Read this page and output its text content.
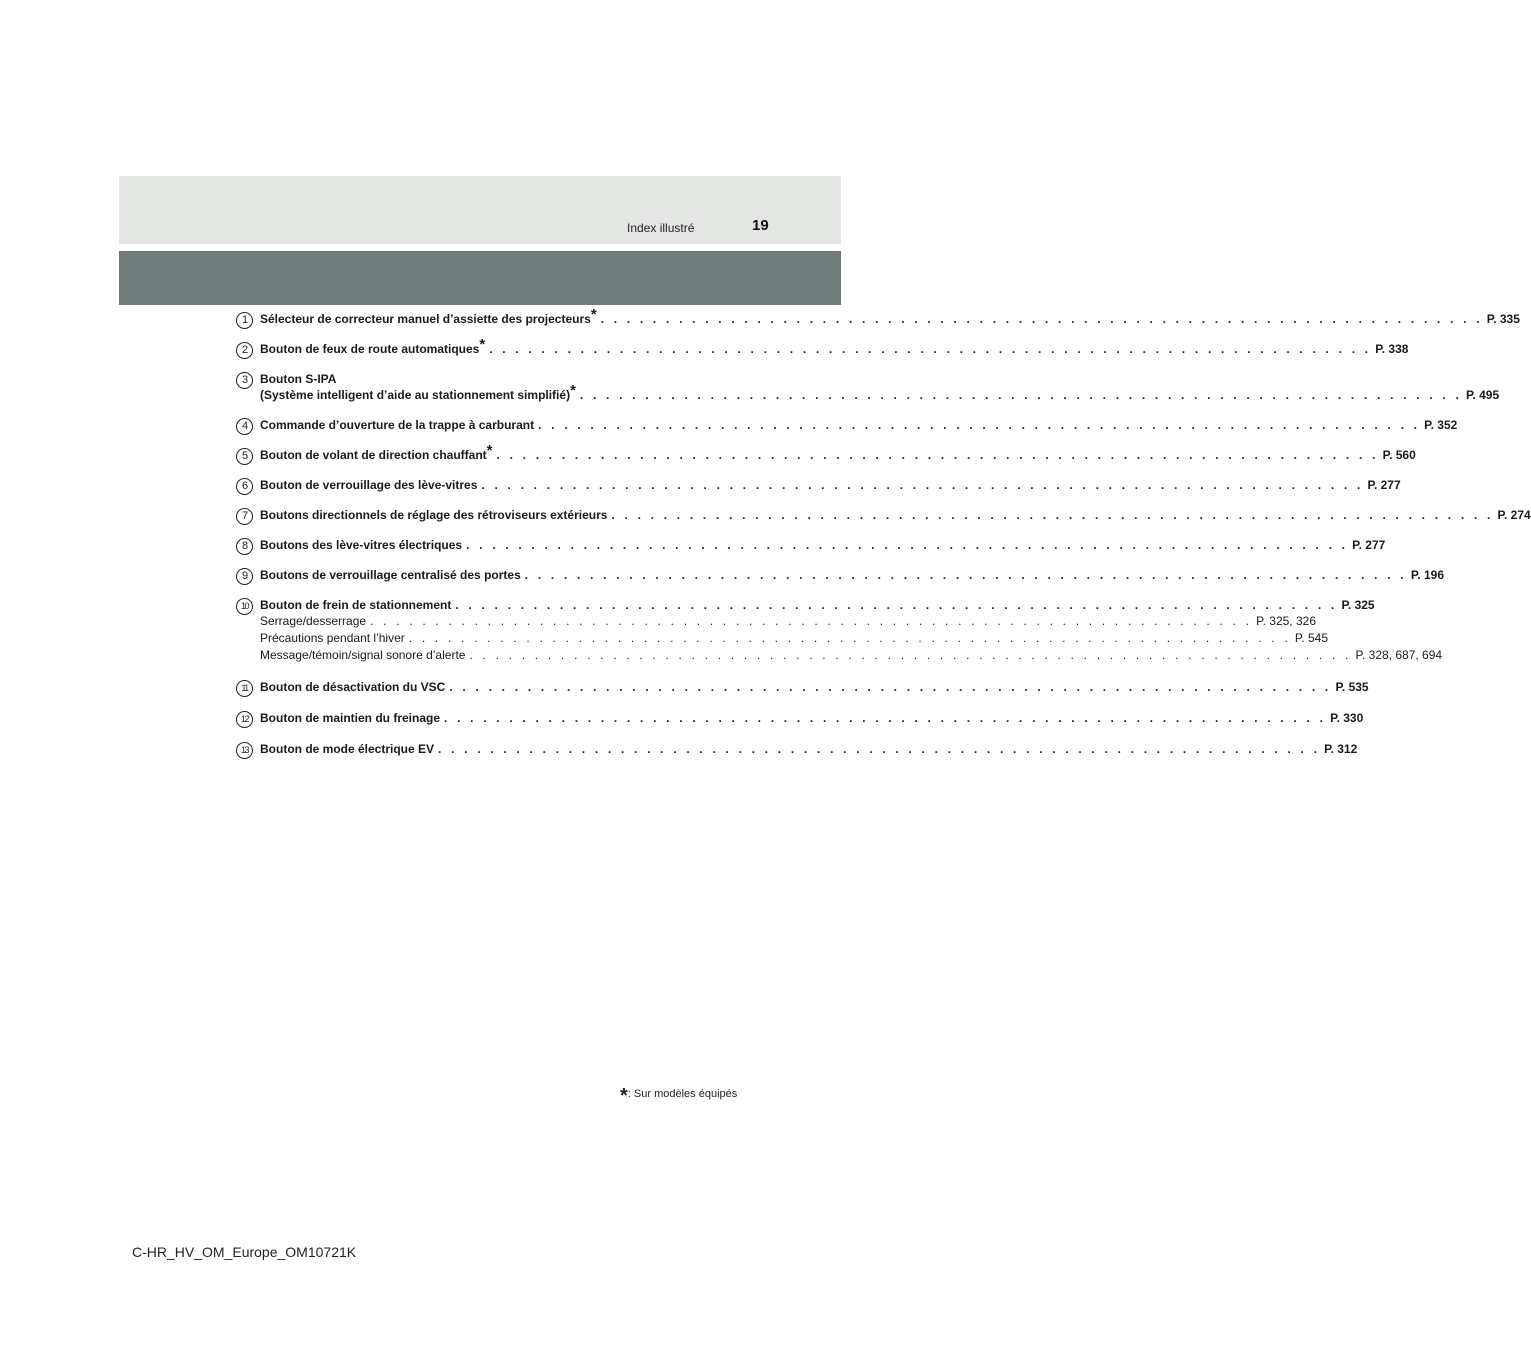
Index illustré	19
1	Sélecteur de correcteur manuel d’assiette des projecteurs* . . . . . . . . . . . . . . . . . . . . . . . . . . . . . . . . . . . . . . . . . . . . . . . . . . . . . . . . . . . . . . . . . . . . P. 335
2	Bouton de feux de route automatiques* . . . . . . . . . . . . . . . . . . . . . . . . . . . . . . . . . . . . . . . . . . . . . . . . . . . . . . . . . . . . . . . . . . . . P. 338
3	Bouton S-IPA
(Système intelligent d’aide au stationnement simplifié)* . . . . . . . . . . . . . . . . . . . . . . . . . . . . . . . . . . . . . . . . . . . . . . . . . . . . . . . . . . . . . . . . . . . . P. 495
4	Commande d’ouverture de la trappe à carburant . . . . . . . . . . . . . . . . . . . . . . . . . . . . . . . . . . . . . . . . . . . . . . . . . . . . . . . . . . . . . . . . . . . . P. 352
5	Bouton de volant de direction chauffant* . . . . . . . . . . . . . . . . . . . . . . . . . . . . . . . . . . . . . . . . . . . . . . . . . . . . . . . . . . . . . . . . . . . . P. 560
6	Bouton de verrouillage des lève-vitres . . . . . . . . . . . . . . . . . . . . . . . . . . . . . . . . . . . . . . . . . . . . . . . . . . . . . . . . . . . . . . . . . . . . P. 277
7	Boutons directionnels de réglage des rétroviseurs extérieurs . . . . . . . . . . . . . . . . . . . . . . . . . . . . . . . . . . . . . . . . . . . . . . . . . . . . . . . . . . . . . . . . . . . . P. 274
8	Boutons des lève-vitres électriques . . . . . . . . . . . . . . . . . . . . . . . . . . . . . . . . . . . . . . . . . . . . . . . . . . . . . . . . . . . . . . . . . . . . P. 277
9	Boutons de verrouillage centralisé des portes . . . . . . . . . . . . . . . . . . . . . . . . . . . . . . . . . . . . . . . . . . . . . . . . . . . . . . . . . . . . . . . . . . . . P. 196
10	Bouton de frein de stationnement . . . . . . . . . . . . . . . . . . . . . . . . . . . . . . . . . . . . . . . . . . . . . . . . . . . . . . . . . . . . . . . . . . . . P. 325
Serrage/desserrage . . . . . . . . . . . . . . . . . . . . . . . . . . . . . . . . . . . . . . . . . . . . . . . . . . . . . . . . . . . . . . . . . . . . P. 325, 326
Précautions pendant l’hiver . . . . . . . . . . . . . . . . . . . . . . . . . . . . . . . . . . . . . . . . . . . . . . . . . . . . . . . . . . . . . . . . . . . . P. 545
Message/témoin/signal sonore d’alerte . . . . . . . . . . . . . . . . . . . . . . . . . . . . . . . . . . . . . . . . . . . . . . . . . . . . . . . . . . . . . . . . . . . . P. 328, 687, 694
11	Bouton de désactivation du VSC . . . . . . . . . . . . . . . . . . . . . . . . . . . . . . . . . . . . . . . . . . . . . . . . . . . . . . . . . . . . . . . . . . . . P. 535
12	Bouton de maintien du freinage . . . . . . . . . . . . . . . . . . . . . . . . . . . . . . . . . . . . . . . . . . . . . . . . . . . . . . . . . . . . . . . . . . . . P. 330
13	Bouton de mode électrique EV . . . . . . . . . . . . . . . . . . . . . . . . . . . . . . . . . . . . . . . . . . . . . . . . . . . . . . . . . . . . . . . . . . . . P. 312
*: Sur modèles équipés
C-HR_HV_OM_Europe_OM10721K
